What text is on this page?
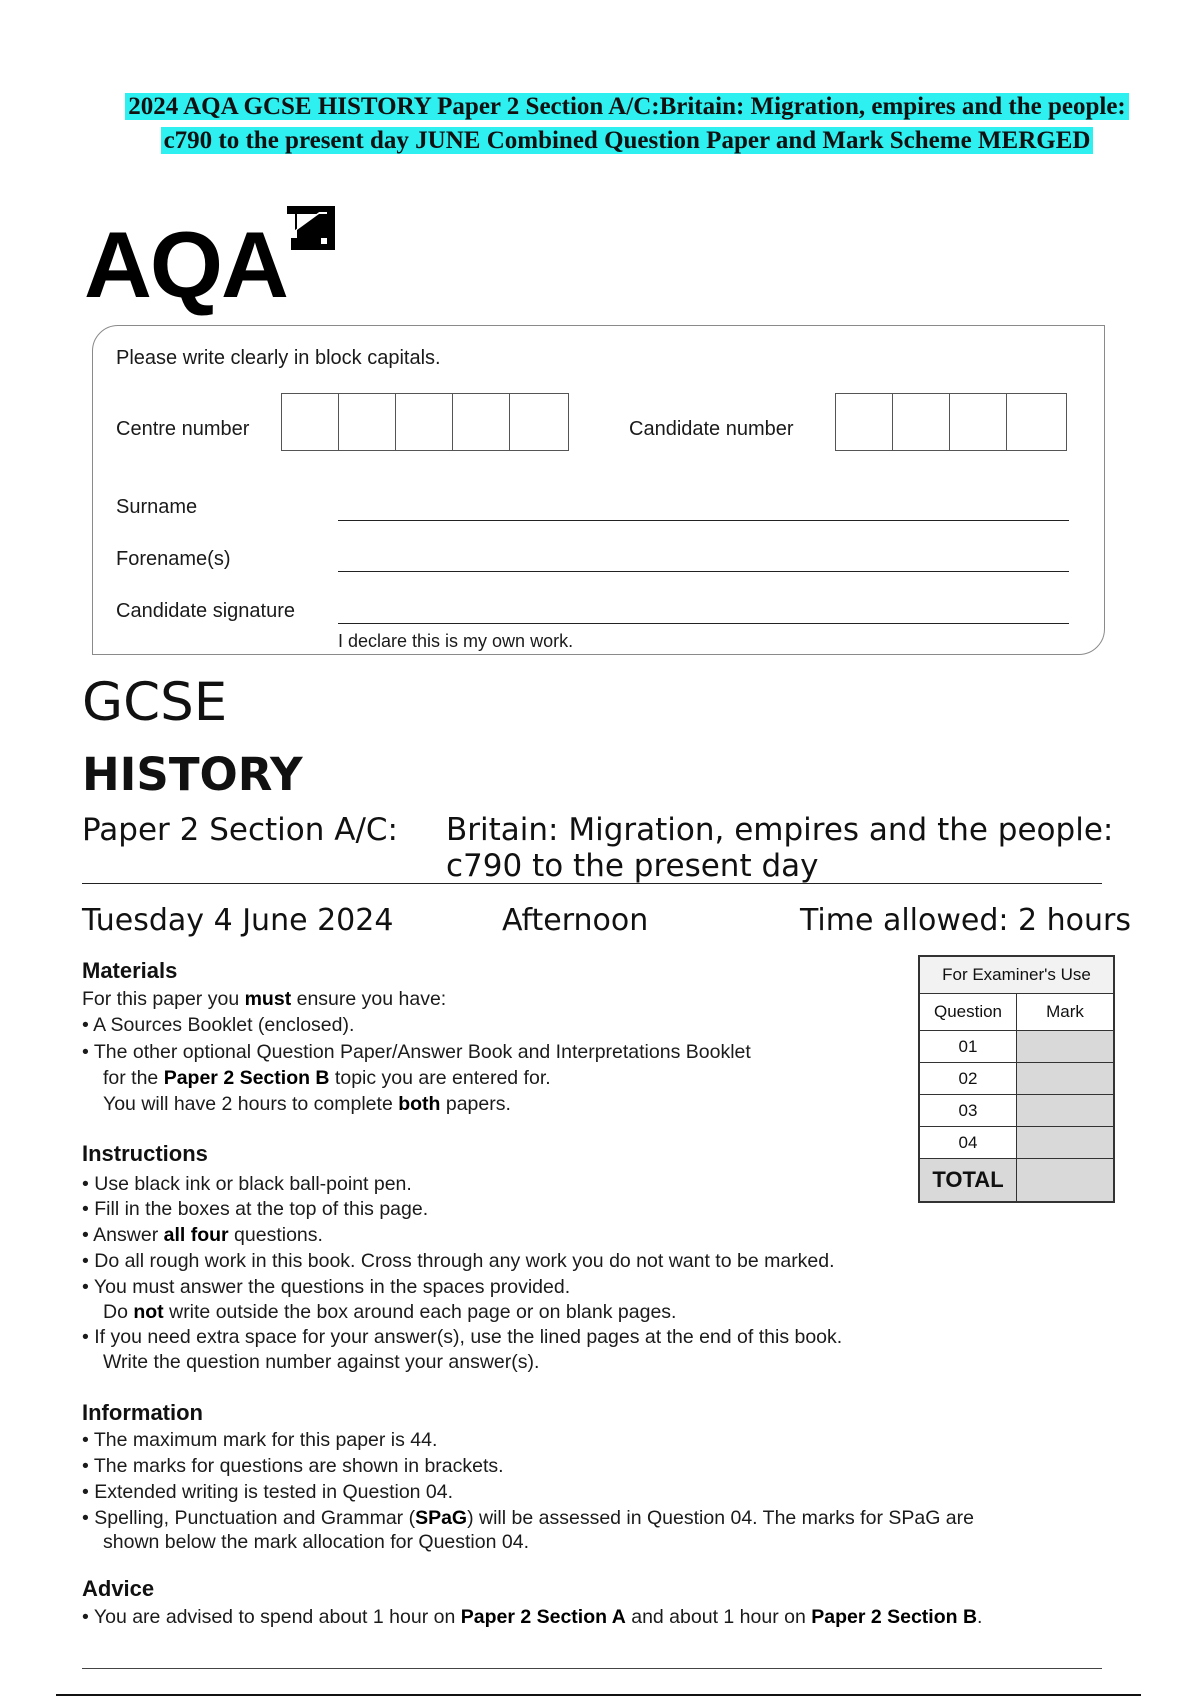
2024 AQA GCSE HISTORY Paper 2 Section A/C:Britain: Migration, empires and the people:
c790 to the present day JUNE Combined Question Paper and Mark Scheme MERGED
AQA
Please write clearly in block capitals.
Centre number	Candidate number
Surname
Forename(s)
Candidate signature
I declare this is my own work.
GCSE
HISTORY
Paper 2 Section A/C: Britain: Migration, empires and the people:
c790 to the present day
Tuesday 4 June 2024	Afternoon	Time allowed: 2 hours
Materials
For this paper you must ensure you have:
• A Sources Booklet (enclosed).
• The other optional Question Paper/Answer Book and Interpretations Booklet
for the Paper 2 Section B topic you are entered for.
You will have 2 hours to complete both papers.
Instructions
• Use black ink or black ball-point pen.
• Fill in the boxes at the top of this page.
• Answer all four questions.
• Do all rough work in this book. Cross through any work you do not want to be marked.
• You must answer the questions in the spaces provided.
Do not write outside the box around each page or on blank pages.
• If you need extra space for your answer(s), use the lined pages at the end of this book.
Write the question number against your answer(s).
Information
• The maximum mark for this paper is 44.
• The marks for questions are shown in brackets.
• Extended writing is tested in Question 04.
• Spelling, Punctuation and Grammar (SPaG) will be assessed in Question 04. The marks for SPaG are
shown below the mark allocation for Question 04.
Advice
• You are advised to spend about 1 hour on Paper 2 Section A and about 1 hour on Paper 2 Section B.
For Examiner's Use	
Question	Mark
01	
02	
03	
04	
TOTAL	
